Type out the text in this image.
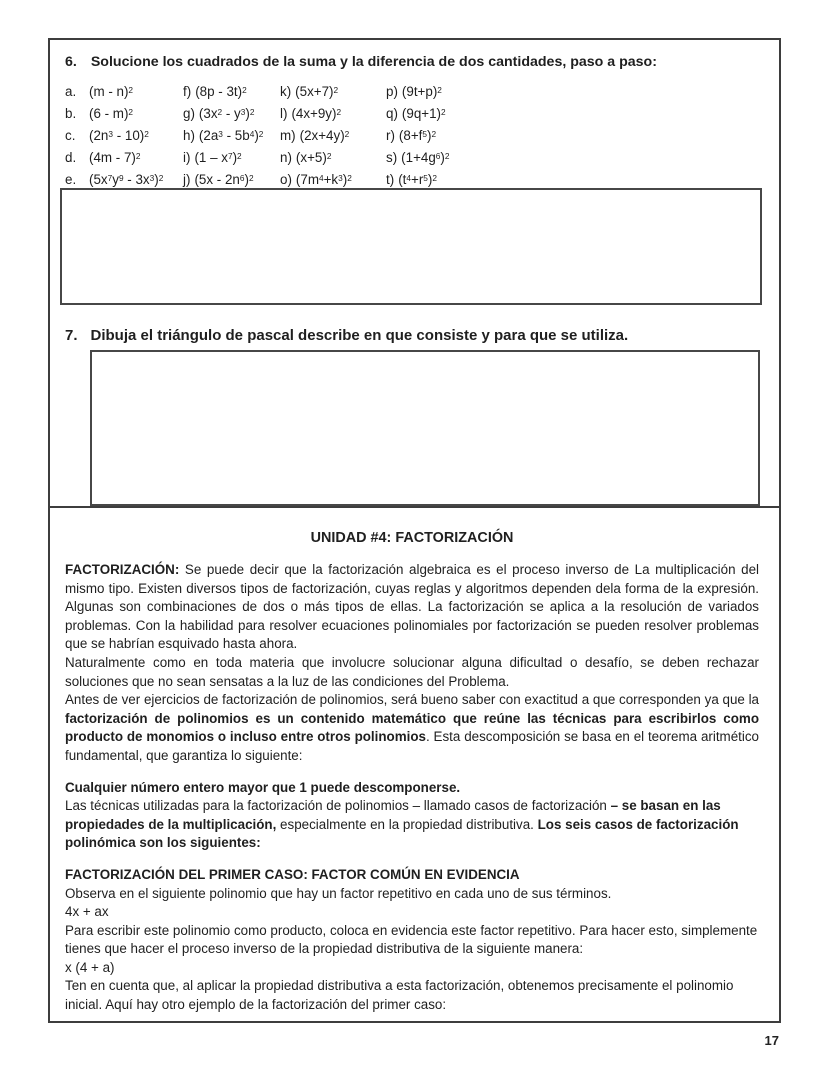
6. Solucione los cuadrados de la suma y la diferencia de dos cantidades, paso a paso:
a. (m - n)$^2$	f) (8p - 3t)$^2$	k) $(5x+7)^2$	p) $(9t+p)^2$
b. (6 - m)$^2$	g) $(3x^2 - y^3)^2$	l) $(4x+9y)^2$	q) $(9q+1)^2$
c. $(2n^3 - 10)^2$	h) $(2a^3 - 5b^4)^2$	m) $(2x+4y)^2$	r) $(8+f^5)^2$
d. (4m - 7)$^2$	i) $(1 - x^7)^2$	n) $(x+5)^2$	s) $(1+4g^6)^2$
e. $(5x^7y^9 - 3x^3)^2$	j) $(5x - 2n^6)^2$	o) $(7m^4+k^3)^2$	t) $(t^4+r^5)^2$
7. Dibuja el triángulo de pascal describe en que consiste y para que se utiliza.
UNIDAD #4: FACTORIZACIÓN

FACTORIZACIÓN: Se puede decir que la factorización algebraica es el proceso inverso de La multiplicación del mismo tipo. Existen diversos tipos de factorización, cuyas reglas y algoritmos dependen dela forma de la expresión. Algunas son combinaciones de dos o más tipos de ellas. La factorización se aplica a la resolución de variados problemas. Con la habilidad para resolver ecuaciones polinomiales por factorización se pueden resolver problemas que se habrían esquivado hasta ahora.

Naturalmente como en toda materia que involucre solucionar alguna dificultad o desafío, se deben rechazar soluciones que no sean sensatas a la luz de las condiciones del Problema.

Antes de ver ejercicios de factorización de polinomios, será bueno saber con exactitud a que corresponden ya que la factorización de polinomios es un contenido matemático que reúne las técnicas para escribirlos como producto de monomios o incluso entre otros polinomios. Esta descomposición se basa en el teorema aritmético fundamental, que garantiza lo siguiente:

Cualquier número entero mayor que 1 puede descomponerse.

Las técnicas utilizadas para la factorización de polinomios – llamado casos de factorización – se basan en las propiedades de la multiplicación, especialmente en la propiedad distributiva. Los seis casos de factorización polinómica son los siguientes:

FACTORIZACIÓN DEL PRIMER CASO: FACTOR COMÚN EN EVIDENCIA

Observa en el siguiente polinomio que hay un factor repetitivo en cada uno de sus términos.

4x + ax

Para escribir este polinomio como producto, coloca en evidencia este factor repetitivo. Para hacer esto, simplemente tienes que hacer el proceso inverso de la propiedad distributiva de la siguiente manera:

x (4 + a)

Ten en cuenta que, al aplicar la propiedad distributiva a esta factorización, obtenemos precisamente el polinomio inicial. Aquí hay otro ejemplo de la factorización del primer caso:

17
